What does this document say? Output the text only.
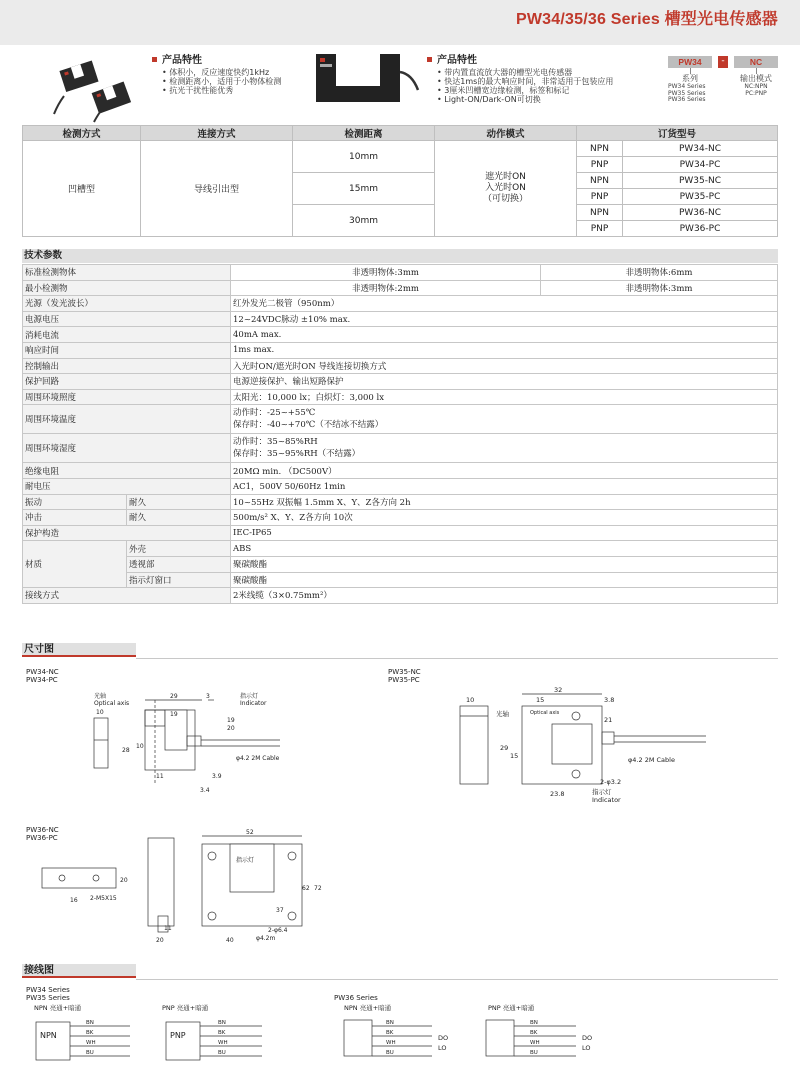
PW34/35/36 Series 槽型光电传感器
产品特性
• 体积小，反应速度快约1kHz
• 检测距离小，适用于小物体检测
• 抗光干扰性能优秀
产品特性
• 带内置直流放大器的槽型光电传感器
• 快达1ms的最大响应时间，非常适用于包装应用
• 3厘米凹槽宽边缘检测，标签和标记
• Light-ON/Dark-ON可切换
PW34	-	NC
系列
PW34 Series
PW35 Series
PW36 Series
输出模式
NC:NPN
PC:PNP
检测方式	连接方式	检测距离	动作模式	订货型号	
凹槽型	导线引出型	10mm	遮光时ON
入光时ON
（可切换）	NPN	PW34-NC
				PNP	PW34-PC
		15mm		NPN	PW35-NC
				PNP	PW35-PC
		30mm		NPN	PW36-NC
				PNP	PW36-PC
技术参数
标准检测物体		非透明物体:3mm	非透明物体:6mm
最小检测物		非透明物体:2mm	非透明物体:3mm
光源（发光波长）		红外发光二极管（950nm）	
电源电压		12~24VDC脉动 ±10% max.	
消耗电流		40mA max.	
响应时间		1ms max.	
控制输出		入光时ON/遮光时ON 导线连接切换方式	
保护回路		电源逆接保护、输出短路保护	
周围环境照度		太阳光：10,000 lx；白炽灯：3,000 lx	
周围环境温度		动作时：-25~+55℃
保存时：-40~+70℃（不结冰不结露）	

周围环境湿度		动作时：35~85%RH
保存时：35~95%RH（不结露）	

绝缘电阻		20MΩ min. （DC500V）	
耐电压		AC1，500V 50/60Hz 1min	
振动	耐久	10~55Hz 双振幅 1.5mm X、Y、Z各方向 2h	
冲击	耐久	500m/s² X、Y、Z各方向 10次	
保护构造		IEC-IP65	
材质	外壳	ABS	
	透视部	聚碳酸酯	
	指示灯窗口	聚碳酸酯	
接线方式		2米线缆（3×0.75mm²）	
尺寸图
PW34-NC
PW34-PC
29	3
19
19
20
10
10
28
11	3.9
3.4
光轴
Optical axis
指示灯
Indicator
φ4.2 2M Cable
PW35-NC
PW35-PC
32
15	3.8
10
21
29
15
23.8
光轴	Optical axis
φ4.2 2M Cable
2-φ3.2
指示灯
Indicator
PW36-NC
PW36-PC
52
20
16
62 72
37
40
11
20
2-M5X15
2-φ6.4
φ4.2m
指示灯
接线图
PW34 Series
PW35 Series	PW36 Series
NPN 亮通+暗通
NPN
BN
BK
WH
BU
PNP 亮通+暗通
PNP
BN
BK
WH
BU
NPN 亮通+暗通
BN
BK
WH
BU
DO
LO
PNP 亮通+暗通
BN
BK
WH
BU
DO
LO
